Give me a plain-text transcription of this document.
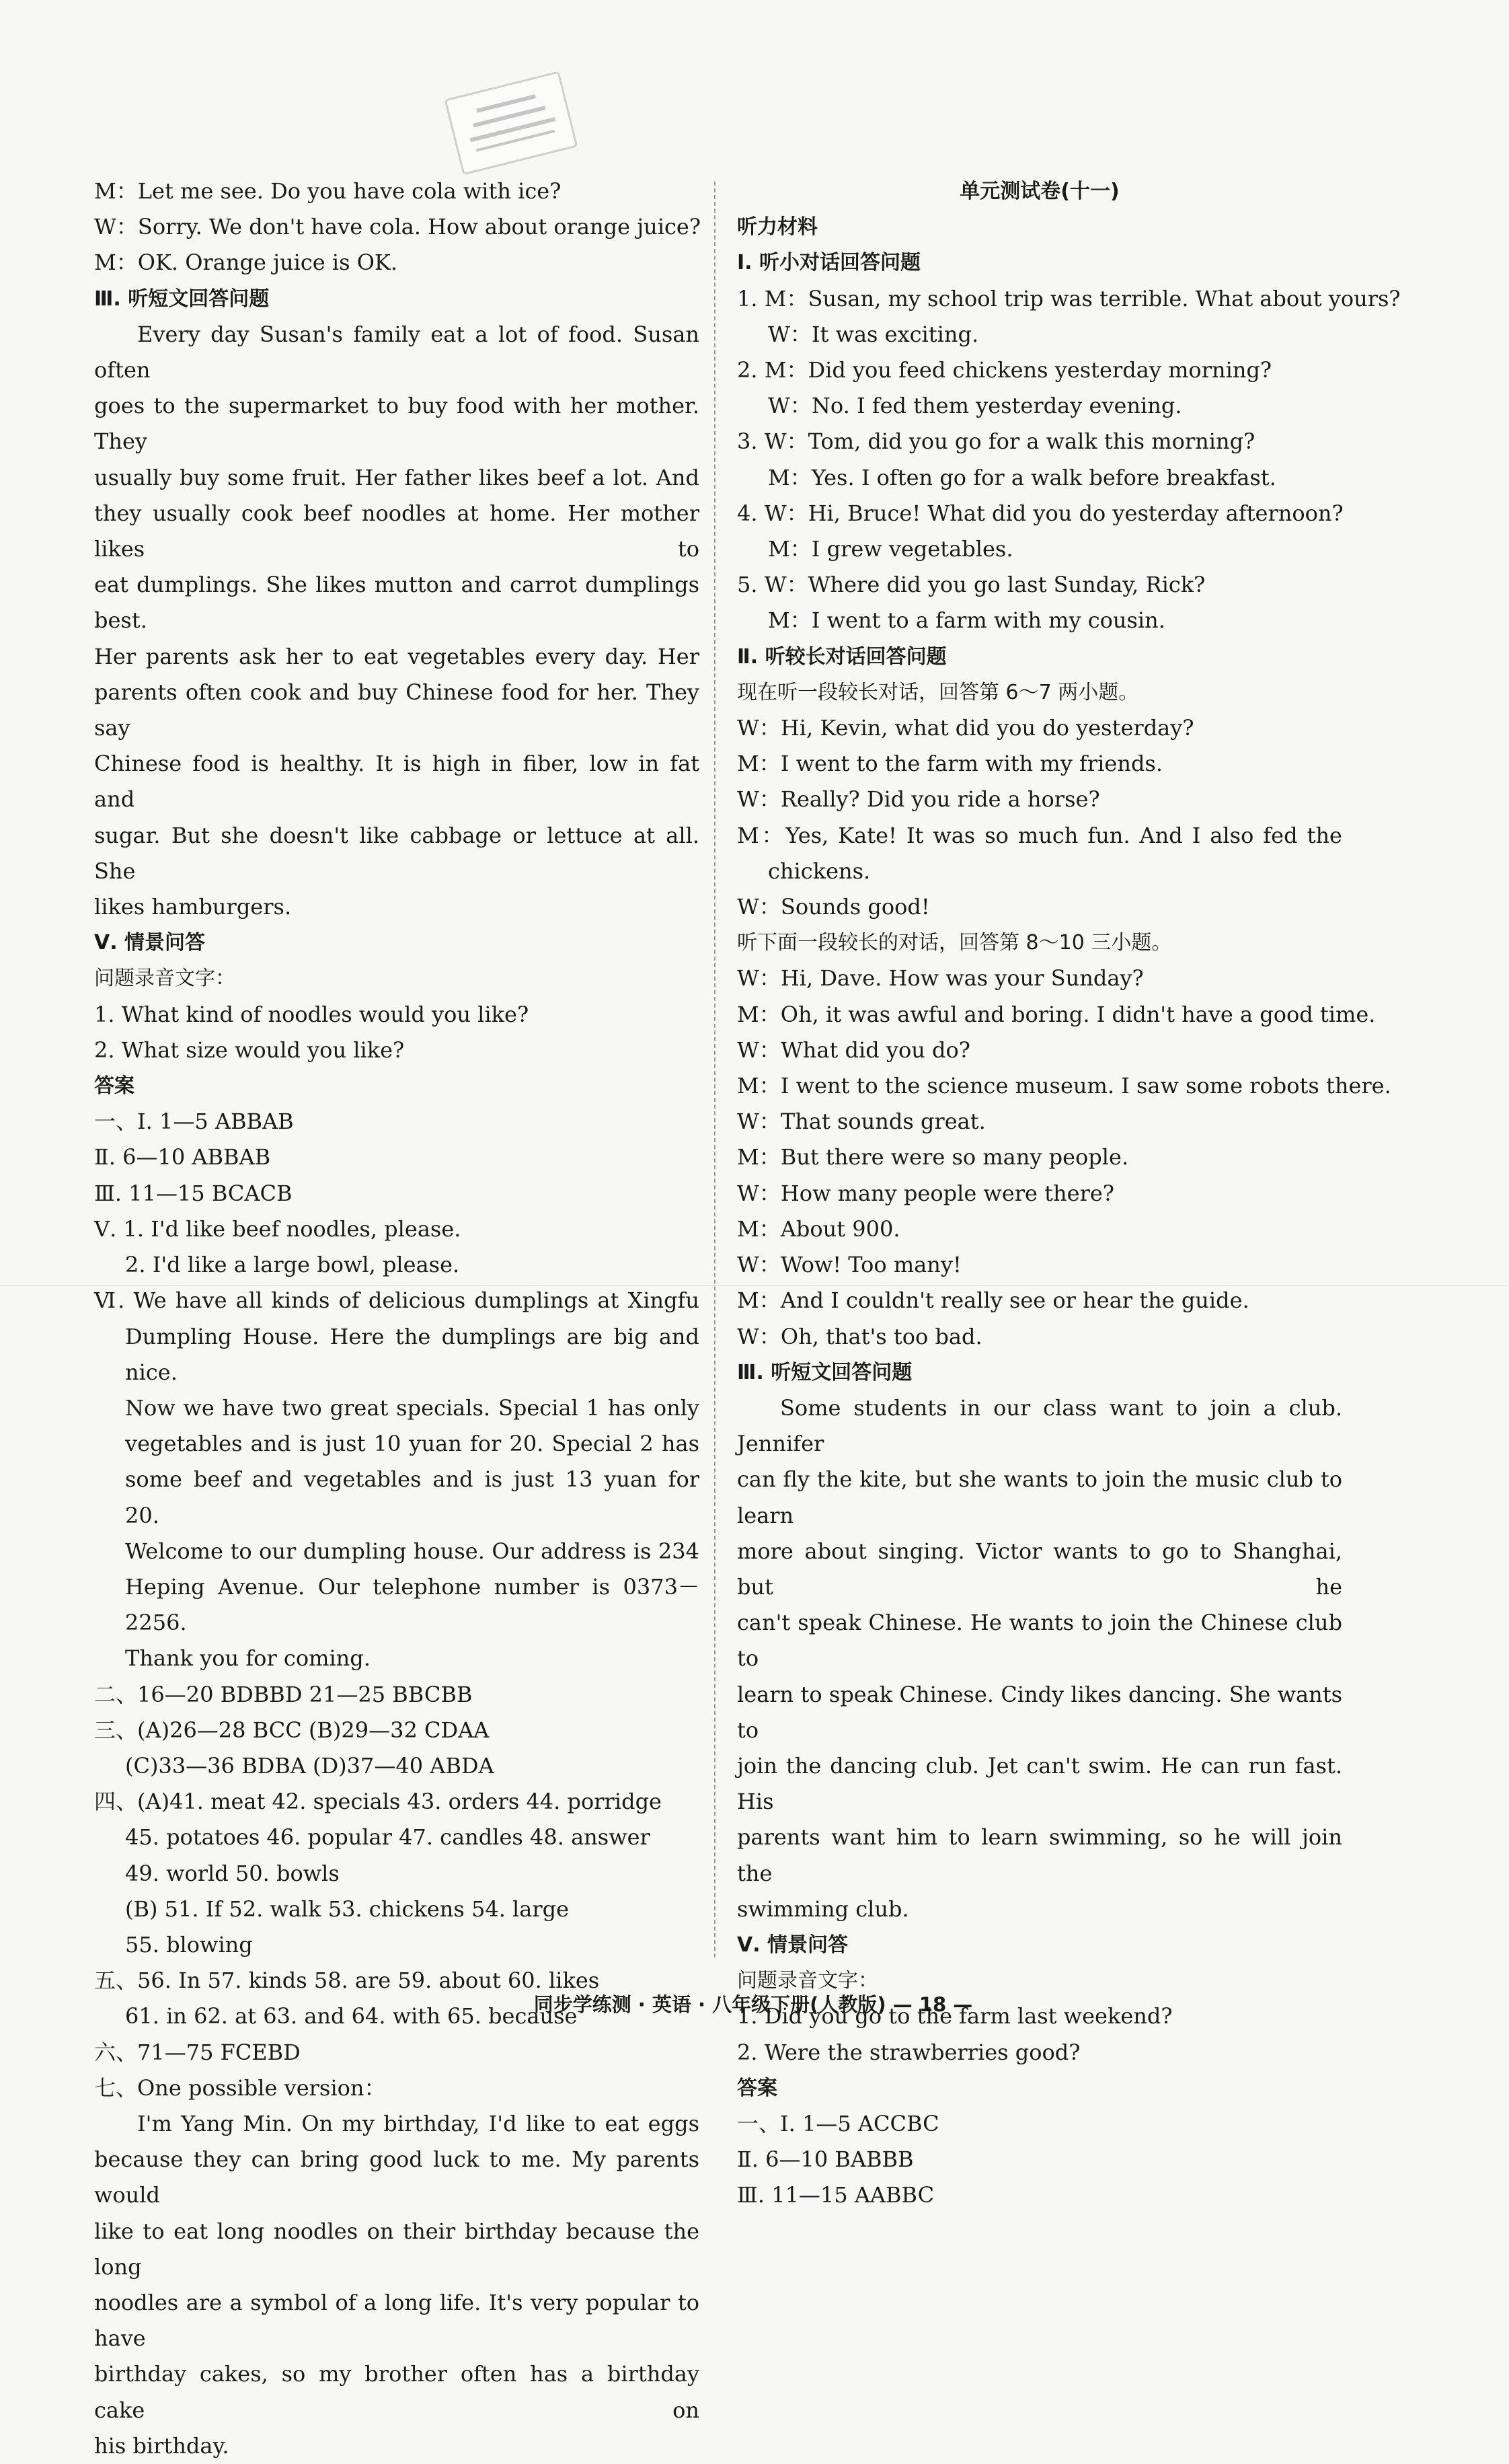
M：Let me see. Do you have cola with ice?
W：Sorry. We don't have cola. How about orange juice?
M：OK. Orange juice is OK.
Ⅲ. 听短文回答问题
Every day Susan's family eat a lot of food. Susan often
goes to the supermarket to buy food with her mother. They
usually buy some fruit. Her father likes beef a lot. And
they usually cook beef noodles at home. Her mother likes to
eat dumplings. She likes mutton and carrot dumplings best.
Her parents ask her to eat vegetables every day. Her
parents often cook and buy Chinese food for her. They say
Chinese food is healthy. It is high in fiber, low in fat and
sugar. But she doesn't like cabbage or lettuce at all. She
likes hamburgers.
Ⅴ. 情景问答
问题录音文字：
1. What kind of noodles would you like?
2. What size would you like?
答案
一、Ⅰ. 1—5 ABBAB
Ⅱ. 6—10 ABBAB
Ⅲ. 11—15 BCACB
Ⅴ. 1. I'd like beef noodles, please.
2. I'd like a large bowl, please.
Ⅵ. We have all kinds of delicious dumplings at Xingfu
Dumpling House. Here the dumplings are big and nice.
Now we have two great specials. Special 1 has only
vegetables and is just 10 yuan for 20. Special 2 has
some beef and vegetables and is just 13 yuan for 20.
Welcome to our dumpling house. Our address is 234
Heping Avenue. Our telephone number is 0373－2256.
Thank you for coming.
二、16—20 BDBBD 21—25 BBCBB
三、(A)26—28 BCC (B)29—32 CDAA
(C)33—36 BDBA (D)37—40 ABDA
四、(A)41. meat 42. specials 43. orders 44. porridge
45. potatoes 46. popular 47. candles 48. answer
49. world 50. bowls
(B) 51. If 52. walk 53. chickens 54. large
55. blowing
五、56. In 57. kinds 58. are 59. about 60. likes
61. in 62. at 63. and 64. with 65. because
六、71—75 FCEBD
七、One possible version：
I'm Yang Min. On my birthday, I'd like to eat eggs
because they can bring good luck to me. My parents would
like to eat long noodles on their birthday because the long
noodles are a symbol of a long life. It's very popular to have
birthday cakes, so my brother often has a birthday cake on
his birthday.
单元测试卷(十一)
听力材料
Ⅰ. 听小对话回答问题
1. M：Susan, my school trip was terrible. What about yours?
W：It was exciting.
2. M：Did you feed chickens yesterday morning?
W：No. I fed them yesterday evening.
3. W：Tom, did you go for a walk this morning?
M：Yes. I often go for a walk before breakfast.
4. W：Hi, Bruce! What did you do yesterday afternoon?
M：I grew vegetables.
5. W：Where did you go last Sunday, Rick?
M：I went to a farm with my cousin.
Ⅱ. 听较长对话回答问题
现在听一段较长对话，回答第 6～7 两小题。
W：Hi, Kevin, what did you do yesterday?
M：I went to the farm with my friends.
W：Really? Did you ride a horse?
M：Yes, Kate! It was so much fun. And I also fed the
chickens.
W：Sounds good!
听下面一段较长的对话，回答第 8～10 三小题。
W：Hi, Dave. How was your Sunday?
M：Oh, it was awful and boring. I didn't have a good time.
W：What did you do?
M：I went to the science museum. I saw some robots there.
W：That sounds great.
M：But there were so many people.
W：How many people were there?
M：About 900.
W：Wow! Too many!
M：And I couldn't really see or hear the guide.
W：Oh, that's too bad.
Ⅲ. 听短文回答问题
Some students in our class want to join a club. Jennifer
can fly the kite, but she wants to join the music club to learn
more about singing. Victor wants to go to Shanghai, but he
can't speak Chinese. He wants to join the Chinese club to
learn to speak Chinese. Cindy likes dancing. She wants to
join the dancing club. Jet can't swim. He can run fast. His
parents want him to learn swimming, so he will join the
swimming club.
Ⅴ. 情景问答
问题录音文字：
1. Did you go to the farm last weekend?
2. Were the strawberries good?
答案
一、Ⅰ. 1—5 ACCBC
Ⅱ. 6—10 BABBB
Ⅲ. 11—15 AABBC
同步学练测 · 英语 · 八年级下册(人教版) — 18 —
